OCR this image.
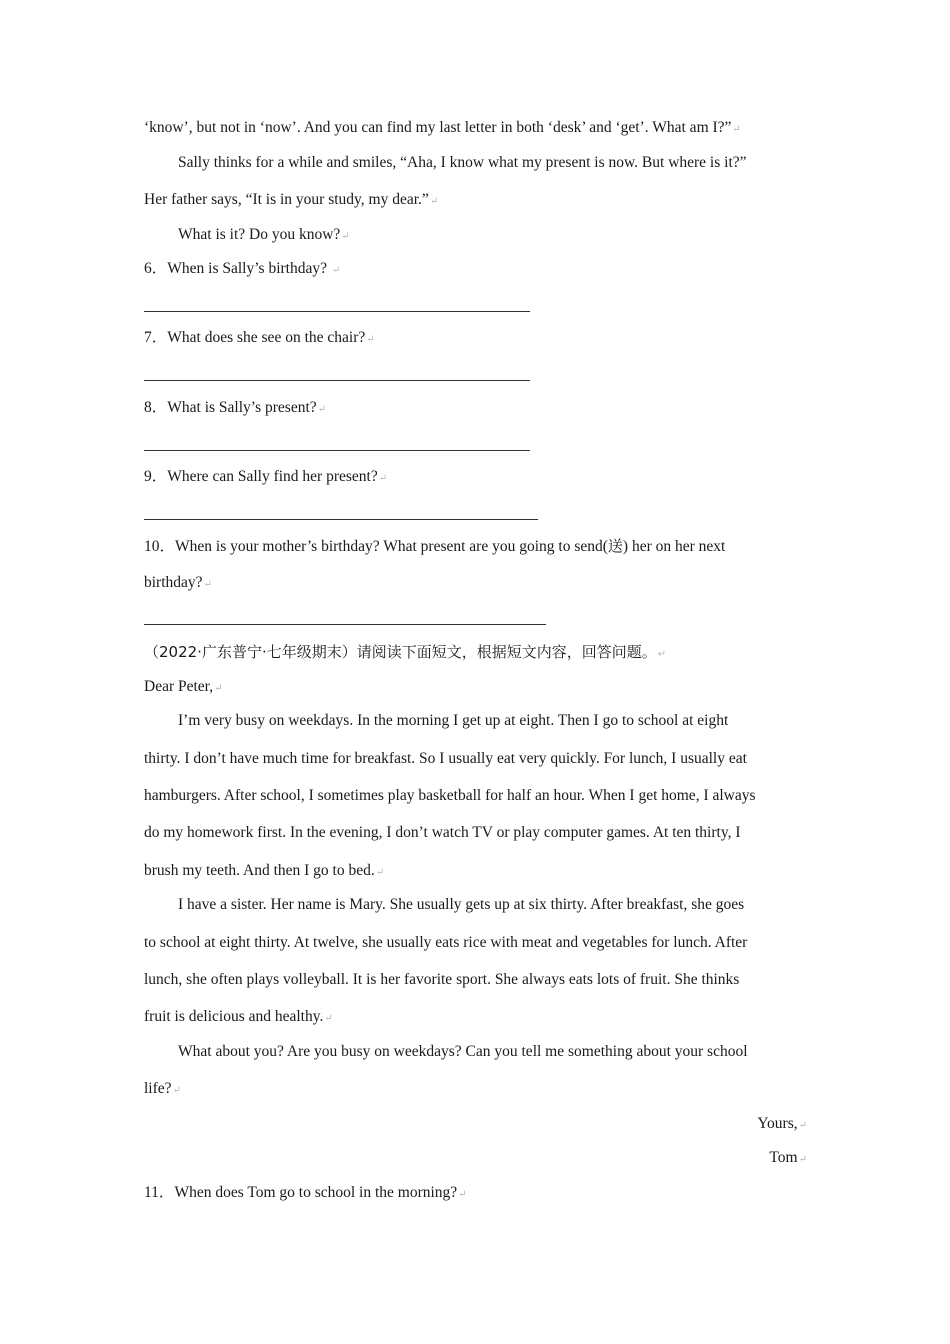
‘know’, but not in ‘now’. And you can find my last letter in both ‘desk’ and ‘get’. What am I?”↵
Sally thinks for a while and smiles, “Aha, I know what my present is now. But where is it?”
Her father says, “It is in your study, my dear.”↵
What is it? Do you know?↵
6．When is Sally’s birthday? ↵
7．What does she see on the chair?↵
8．What is Sally’s present?↵
9．Where can Sally find her present?↵
10．When is your mother’s birthday? What present are you going to send(送) her on her next
birthday?↵
（2022·广东普宁·七年级期末）请阅读下面短文，根据短文内容，回答问题。↵
Dear Peter,↵
I’m very busy on weekdays. In the morning I get up at eight. Then I go to school at eight
thirty. I don’t have much time for breakfast. So I usually eat very quickly. For lunch, I usually eat
hamburgers. After school, I sometimes play basketball for half an hour. When I get home, I always
do my homework first. In the evening, I don’t watch TV or play computer games. At ten thirty, I
brush my teeth. And then I go to bed.↵
I have a sister. Her name is Mary. She usually gets up at six thirty. After breakfast, she goes
to school at eight thirty. At twelve, she usually eats rice with meat and vegetables for lunch. After
lunch, she often plays volleyball. It is her favorite sport. She always eats lots of fruit. She thinks
fruit is delicious and healthy.↵
What about you? Are you busy on weekdays? Can you tell me something about your school
life?↵
Yours,↵
Tom↵
11．When does Tom go to school in the morning?↵
